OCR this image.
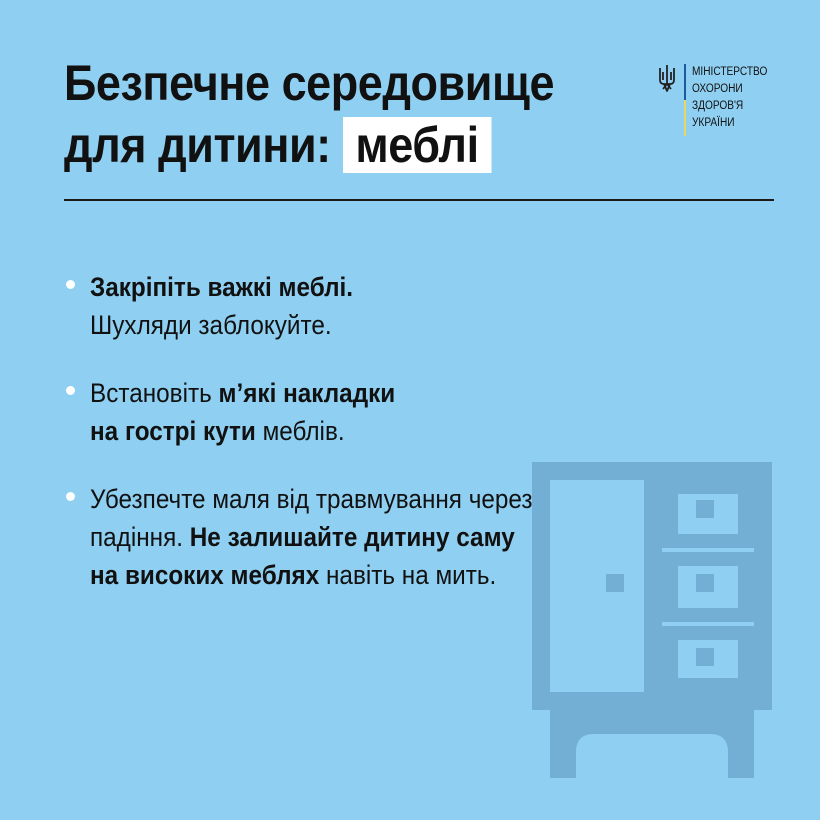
Безпечне середовище
для дитини: меблі
МІНІСТЕРСТВО
ОХОРОНИ
ЗДОРОВ'Я
УКРАЇНИ
Закріпіть важкі меблі.
Шухляди заблокуйте.
Встановіть м’які накладки
на гострі кути меблів.
Убезпечте маля від травмування через
падіння. Не залишайте дитину саму
на високих меблях навіть на мить.
